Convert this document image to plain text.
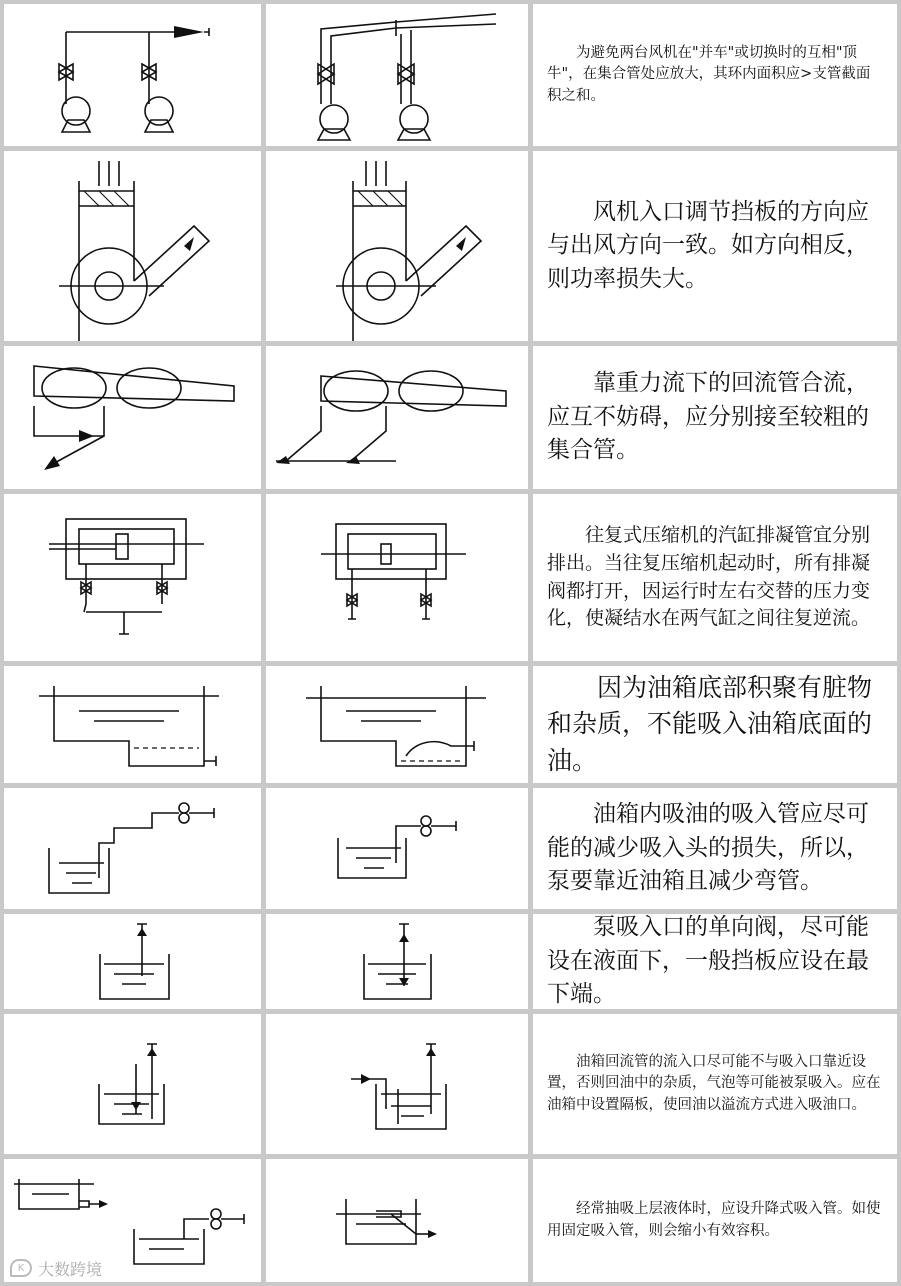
为避免两台风机在"并车"或切换时的互相"顶牛"，在集合管处应放大，其环内面积应>支管截面积之和。
风机入口调节挡板的方向应与出风方向一致。如方向相反，则功率损失大。
靠重力流下的回流管合流，应互不妨碍，应分别接至较粗的集合管。
往复式压缩机的汽缸排凝管宜分别排出。当往复压缩机起动时，所有排凝阀都打开，因运行时左右交替的压力变化，使凝结水在两气缸之间往复逆流。
因为油箱底部积聚有脏物和杂质，不能吸入油箱底面的油。
油箱内吸油的吸入管应尽可能的减少吸入头的损失，所以，泵要靠近油箱且减少弯管。
泵吸入口的单向阀，尽可能设在液面下，一般挡板应设在最下端。
油箱回流管的流入口尽可能不与吸入口靠近设置，否则回油中的杂质，气泡等可能被泵吸入。应在油箱中设置隔板，使回油以溢流方式进入吸油口。
经常抽吸上层液体时，应设升降式吸入管。如使用固定吸入管，则会缩小有效容积。
K 大数跨境
